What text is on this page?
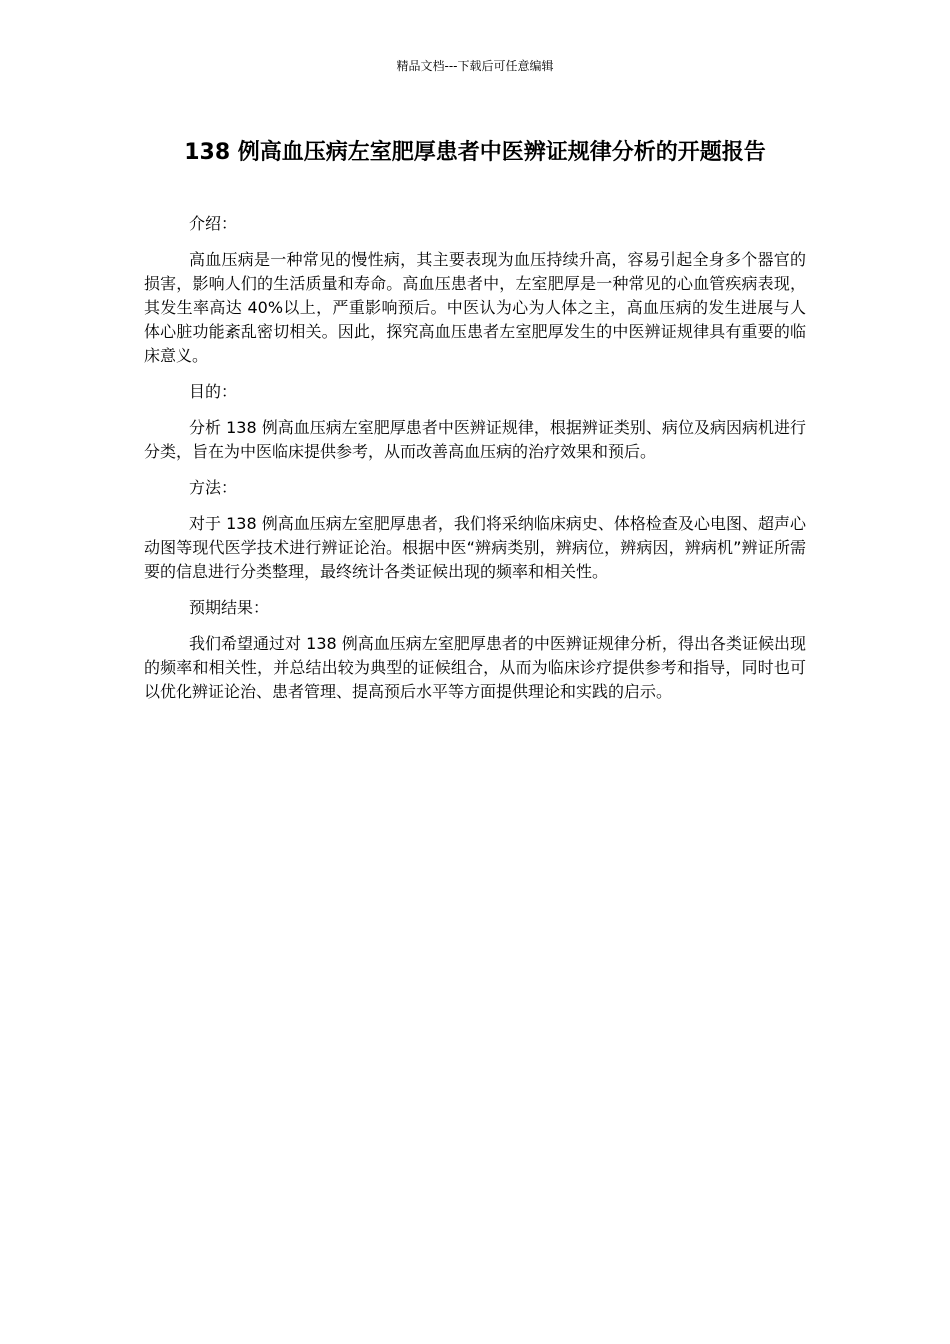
精品文档---下载后可任意编辑
138 例高血压病左室肥厚患者中医辨证规律分析的开题报告

介绍：

高血压病是一种常见的慢性病，其主要表现为血压持续升高，容易引起全身多个器官的损害，影响人们的生活质量和寿命。高血压患者中，左室肥厚是一种常见的心血管疾病表现，其发生率高达 40%以上，严重影响预后。中医认为心为人体之主，高血压病的发生进展与人体心脏功能紊乱密切相关。因此，探究高血压患者左室肥厚发生的中医辨证规律具有重要的临床意义。

目的：

分析 138 例高血压病左室肥厚患者中医辨证规律，根据辨证类别、病位及病因病机进行分类，旨在为中医临床提供参考，从而改善高血压病的治疗效果和预后。

方法：

对于 138 例高血压病左室肥厚患者，我们将采纳临床病史、体格检查及心电图、超声心动图等现代医学技术进行辨证论治。根据中医“辨病类别，辨病位，辨病因，辨病机”辨证所需要的信息进行分类整理，最终统计各类证候出现的频率和相关性。

预期结果：

我们希望通过对 138 例高血压病左室肥厚患者的中医辨证规律分析，得出各类证候出现的频率和相关性，并总结出较为典型的证候组合，从而为临床诊疗提供参考和指导，同时也可以优化辨证论治、患者管理、提高预后水平等方面提供理论和实践的启示。
